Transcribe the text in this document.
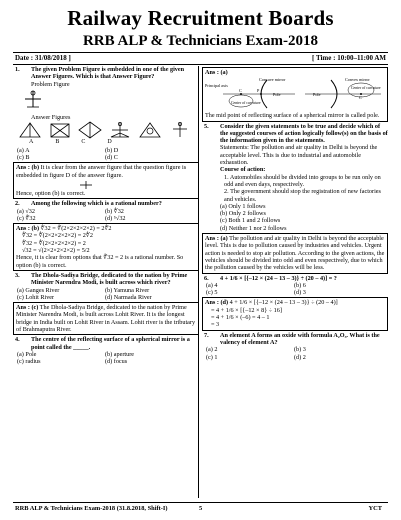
Railway Recruitment Boards
RRB ALP & Technicians Exam-2018
Date : 31/08/2018 ]	[ Time : 10:00–11:00 AM
1. The given Problem Figure is embedded in one of the given Answer Figures. Which is that Answer Figure?
Problem Figure
Answer Figures
A	B	C	D
(a) A	(b) D
(c) B	(d) C
Ans : (b) It is clear from the answer figure that the question figure is embedded in figure D of the answer figure.
Hence, option (b) is correct.
2. Among the following which is a rational number?
(a) √32	(b) ∜32
(c) ∜32	(d) ⁵√32
Ans : (b) ∜32 = ∜(2×2×2×2×2) = 2∜2
∜32 = ∜(2×2×2×2×2) = 2∜2
∜32 = ∜(2×2×2×2×2) = 2
√32 = √(2×2×2×2×2) = 5/2
Hence, it is clear from options that ∜32 = 2 is a rational number. So option (b) is correct.
3. The Dhola-Sadiya Bridge, dedicated to the nation by Prime Minister Narendra Modi, is built across which river?
(a) Ganges River	(b) Yamuna River
(c) Lohit River	(d) Narmada River
Ans : (c) The Dhola-Sadiya Bridge, dedicated to the nation by Prime Minister Narendra Modi, is built across Lohit River. It is the longest bridge in India built on Lohit River in Assam. Lohit river is the tributary of Brahmaputra River.
4. The centre of the reflecting surface of a spherical mirror is a point called the _____.
(a) Pole	(b) aperture
(c) radius	(d) focus
Ans : (a)
Principal axis
Concave mirror
Pole
Center of curvature
C	P
Convex mirror
Pole
Center of curvature
C
The mid point of reflecting surface of a spherical mirror is called pole.
5. Consider the given statements to be true and decide which of the suggested courses of action logically follow(s) on the basis of the information given in the statements.
Statements: The pollution and air quality in Delhi is beyond the acceptable level. This is due to industrial and automobile exhaustion.
Course of action:
1. Automobiles should be divided into groups to be run only on odd and even days, respectively.
2. The government should stop the registration of new factories and vehicles.
(a) Only 1 follows
(b) Only 2 follows
(c) Both 1 and 2 follows
(d) Neither 1 nor 2 follows
Ans : (a) The pollution and air quality in Delhi is beyond the acceptable level. This is due to pollution caused by industries and vehicles. Urgent action is needed to stop air pollution. According to the given actions, the vehicles should be divided into odd and even respectively, due to which the pollution caused by the vehicles will be less.
6. 4 + 1/6 × [{–12 × (24 – 13 – 3)} ÷ (20 – 4)] = ?
(a) 4	(b) 6
(c) 5	(d) 3
Ans : (d) 4 + 1/6 × [{–12 × (24 – 13 – 3)} ÷ (20 – 4)]
= 4 + 1/6 × [{–12 × 8} ÷ 16]
= 4 + 1/6 × (–6) = 4 – 1
= 3
7. An element A forms an oxide with formula A₂O₃. What is the valency of element A?
(a) 2	(b) 3
(c) 1	(d) 2
RRB ALP & Technicians Exam-2018 (31.8.2018, Shift-I)	5	YCT
